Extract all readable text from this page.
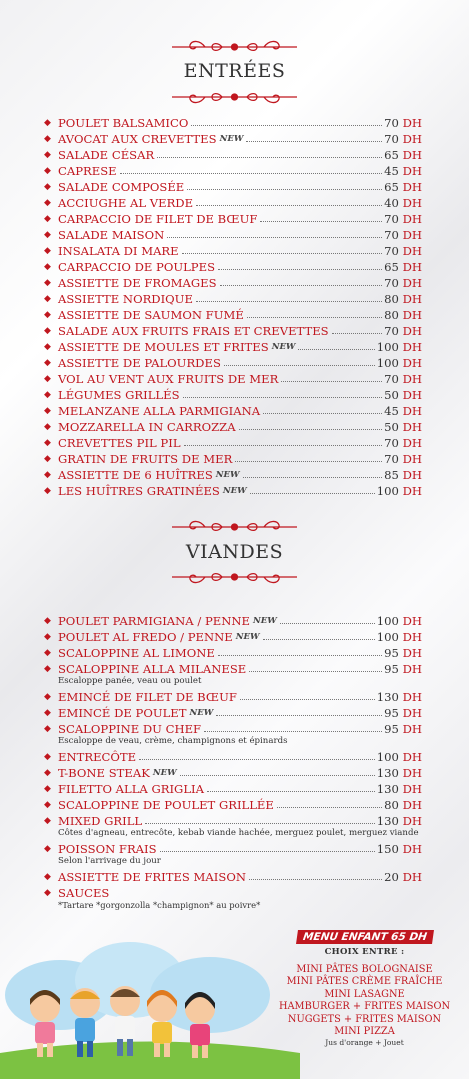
ENTRÉES
◆ POULET BALSAMICO	70 DH
◆ AVOCAT AUX CREVETTES NEW	70 DH
◆ SALADE CÉSAR	65 DH
◆ CAPRESE	45 DH
◆ SALADE COMPOSÉE	65 DH
◆ ACCIUGHE AL VERDE	40 DH
◆ CARPACCIO DE FILET DE BŒUF	70 DH
◆ SALADE MAISON	70 DH
◆ INSALATA DI MARE	70 DH
◆ CARPACCIO DE POULPES	65 DH
◆ ASSIETTE DE FROMAGES	70 DH
◆ ASSIETTE NORDIQUE	80 DH
◆ ASSIETTE DE SAUMON FUMÉ	80 DH
◆ SALADE AUX FRUITS FRAIS ET CREVETTES	70 DH
◆ ASSIETTE DE MOULES ET FRITES NEW	100 DH
◆ ASSIETTE DE PALOURDES	100 DH
◆ VOL AU VENT AUX FRUITS DE MER	70 DH
◆ LÉGUMES GRILLÉS	50 DH
◆ MELANZANE ALLA PARMIGIANA	45 DH
◆ MOZZARELLA IN CARROZZA	50 DH
◆ CREVETTES PIL PIL	70 DH
◆ GRATIN DE FRUITS DE MER	70 DH
◆ ASSIETTE DE 6 HUÎTRES NEW	85 DH
◆ LES HUÎTRES GRATINÉES NEW	100 DH
VIANDES
◆ POULET PARMIGIANA / PENNE NEW	100 DH
◆ POULET AL FREDO / PENNE NEW	100 DH
◆ SCALOPPINE AL LIMONE	95 DH
◆ SCALOPPINE ALLA MILANESE	95 DH
Escaloppe panée, veau ou poulet
◆ EMINCÉ DE FILET DE BŒUF	130 DH
◆ EMINCÉ DE POULET NEW	95 DH
◆ SCALOPPINE DU CHEF	95 DH
Escaloppe de veau, crème, champignons et épinards
◆ ENTRECÔTE	100 DH
◆ T-BONE STEAK NEW	130 DH
◆ FILETTO ALLA GRIGLIA	130 DH
◆ SCALOPPINE DE POULET GRILLÉE	80 DH
◆ MIXED GRILL	130 DH
Côtes d'agneau, entrecôte, kebab viande hachée, merguez poulet, merguez viande
◆ POISSON FRAIS	150 DH
Selon l'arrivage du jour
◆ ASSIETTE DE FRITES MAISON	20 DH
◆ SAUCES
*Tartare *gorgonzolla *champignon* au poivre*
MENU ENFANT 65 DH
CHOIX ENTRE :
MINI PÂTES BOLOGNAISE
MINI PÂTES CRÈME FRAÎCHE
MINI LASAGNE
HAMBURGER + FRITES MAISON
NUGGETS + FRITES MAISON
MINI PIZZA
Jus d'orange + Jouet
